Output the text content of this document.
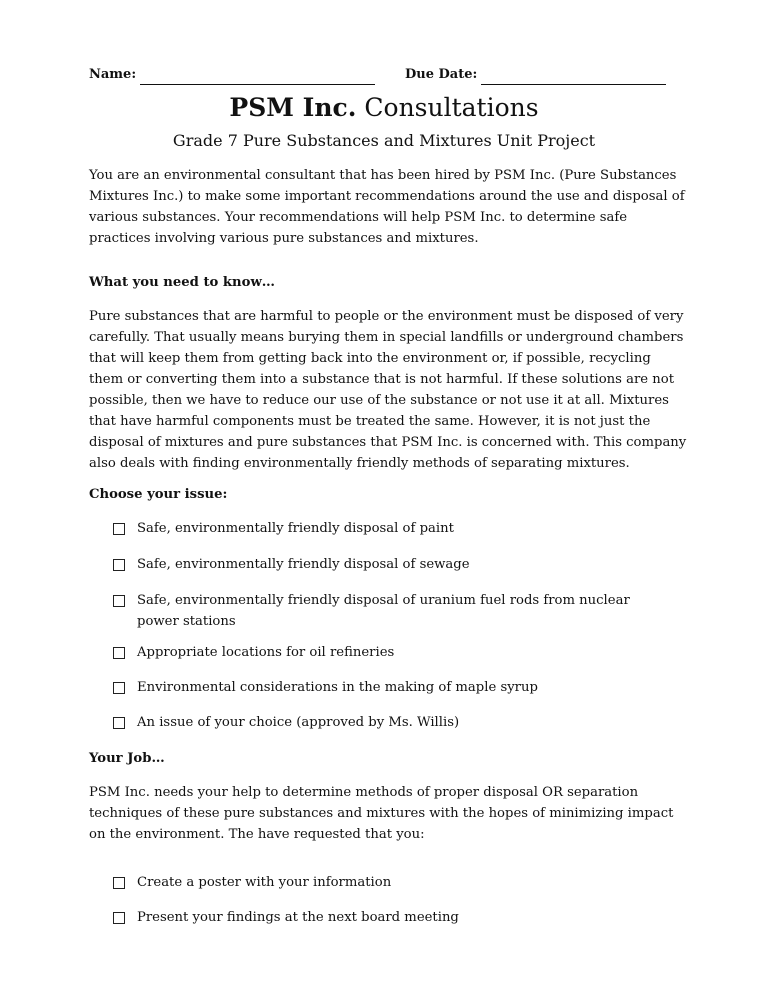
Name:	Due Date:
PSM Inc. Consultations
Grade 7 Pure Substances and Mixtures Unit Project

You are an environmental consultant that has been hired by PSM Inc. (Pure Substances Mixtures Inc.) to make some important recommendations around the use and disposal of various substances. Your recommendations will help PSM Inc. to determine safe practices involving various pure substances and mixtures.

What you need to know…

Pure substances that are harmful to people or the environment must be disposed of very carefully. That usually means burying them in special landfills or underground chambers that will keep them from getting back into the environment or, if possible, recycling them or converting them into a substance that is not harmful. If these solutions are not possible, then we have to reduce our use of the substance or not use it at all. Mixtures that have harmful components must be treated the same. However, it is not just the disposal of mixtures and pure substances that PSM Inc. is concerned with. This company also deals with finding environmentally friendly methods of separating mixtures.

Choose your issue:

Safe, environmentally friendly disposal of paint
Safe, environmentally friendly disposal of sewage
Safe, environmentally friendly disposal of uranium fuel rods from nuclear power stations
Appropriate locations for oil refineries
Environmental considerations in the making of maple syrup
An issue of your choice (approved by Ms. Willis)

Your Job…

PSM Inc. needs your help to determine methods of proper disposal OR separation techniques of these pure substances and mixtures with the hopes of minimizing impact on the environment. The have requested that you:

Create a poster with your information
Present your findings at the next board meeting
